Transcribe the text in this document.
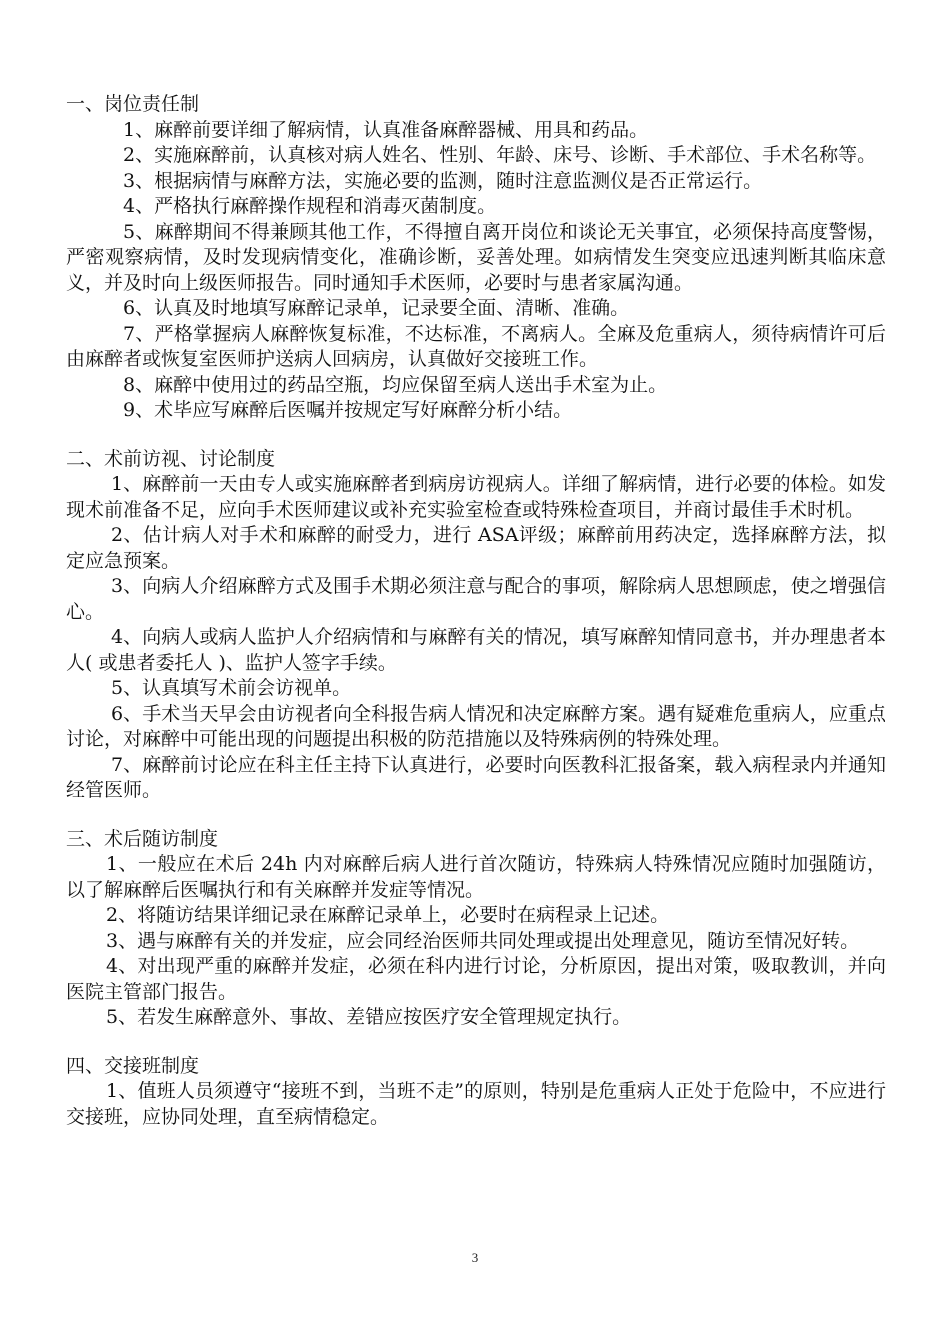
一、岗位责任制

1、麻醉前要详细了解病情，认真准备麻醉器械、用具和药品。

2、实施麻醉前，认真核对病人姓名、性别、年龄、床号、诊断、手术部位、手术名称等。

3、根据病情与麻醉方法，实施必要的监测，随时注意监测仪是否正常运行。

4、严格执行麻醉操作规程和消毒灭菌制度。

5、麻醉期间不得兼顾其他工作，不得擅自离开岗位和谈论无关事宜，必须保持高度警惕，严密观察病情，及时发现病情变化，准确诊断，妥善处理。如病情发生突变应迅速判断其临床意义，并及时向上级医师报告。同时通知手术医师，必要时与患者家属沟通。

6、认真及时地填写麻醉记录单，记录要全面、清晰、准确。

7、严格掌握病人麻醉恢复标准，不达标准，不离病人。全麻及危重病人，须待病情许可后由麻醉者或恢复室医师护送病人回病房，认真做好交接班工作。

8、麻醉中使用过的药品空瓶，均应保留至病人送出手术室为止。

9、术毕应写麻醉后医嘱并按规定写好麻醉分析小结。

二、术前访视、讨论制度

1、麻醉前一天由专人或实施麻醉者到病房访视病人。详细了解病情，进行必要的体检。如发现术前准备不足，应向手术医师建议或补充实验室检查或特殊检查项目，并商讨最佳手术时机。

2、估计病人对手术和麻醉的耐受力，进行 ASA评级；麻醉前用药决定，选择麻醉方法，拟定应急预案。

3、向病人介绍麻醉方式及围手术期必须注意与配合的事项，解除病人思想顾虑，使之增强信心。

4、向病人或病人监护人介绍病情和与麻醉有关的情况，填写麻醉知情同意书，并办理患者本人( 或患者委托人 )、监护人签字手续。

5、认真填写术前会访视单。

6、手术当天早会由访视者向全科报告病人情况和决定麻醉方案。遇有疑难危重病人，应重点讨论，对麻醉中可能出现的问题提出积极的防范措施以及特殊病例的特殊处理。

7、麻醉前讨论应在科主任主持下认真进行，必要时向医教科汇报备案，载入病程录内并通知经管医师。

三、术后随访制度

1、一般应在术后 24h 内对麻醉后病人进行首次随访，特殊病人特殊情况应随时加强随访，以了解麻醉后医嘱执行和有关麻醉并发症等情况。

2、将随访结果详细记录在麻醉记录单上，必要时在病程录上记述。

3、遇与麻醉有关的并发症，应会同经治医师共同处理或提出处理意见，随访至情况好转。

4、对出现严重的麻醉并发症，必须在科内进行讨论，分析原因，提出对策，吸取教训，并向医院主管部门报告。

5、若发生麻醉意外、事故、差错应按医疗安全管理规定执行。

四、交接班制度

1、值班人员须遵守“接班不到，当班不走”的原则，特别是危重病人正处于危险中，不应进行交接班，应协同处理，直至病情稳定。

3
